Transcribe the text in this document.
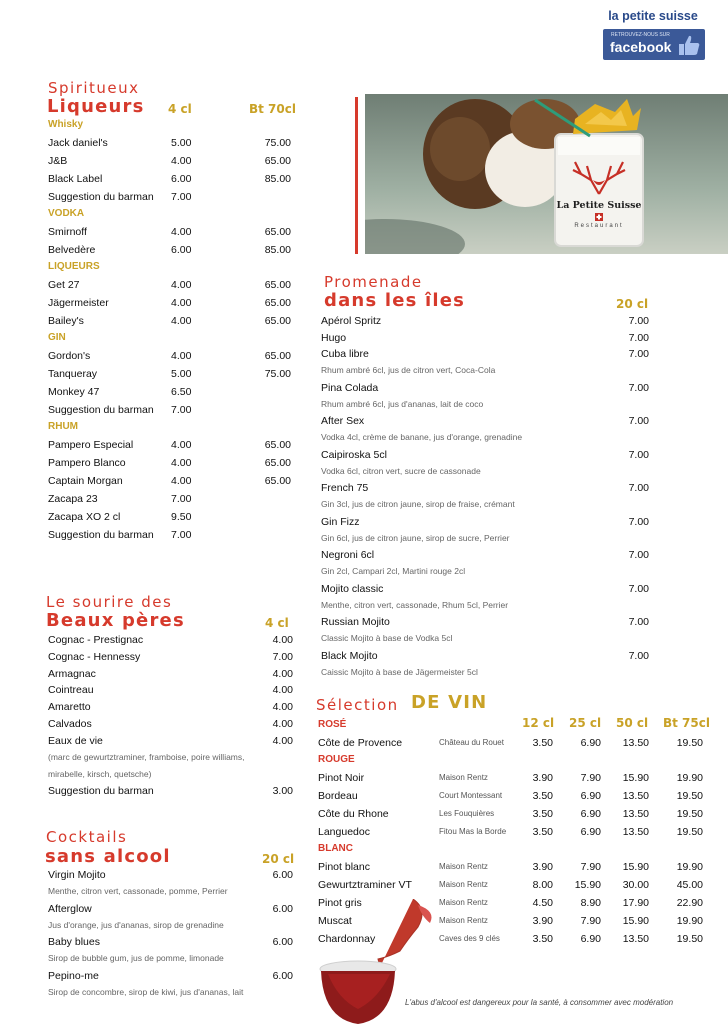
la petite suisse
RETROUVEZ-NOUS SUR
facebook
La Petite Suisse
Restaurant
Spiritueux
Liqueurs 4 cl	Bt 70cl
Whisky
Jack daniel's	5.00	75.00
J&B	4.00	65.00
Black Label	6.00	85.00
Suggestion du barman 7.00
VODKA
Smirnoff	4.00	65.00
Belvedère	6.00	85.00
LIQUEURS
Get 27	4.00	65.00
Jägermeister	4.00	65.00
Bailey's	4.00	65.00
GIN
Gordon's	4.00	65.00
Tanqueray	5.00	75.00
Monkey 47	6.50
Suggestion du barman 7.00
RHUM
Pampero Especial	4.00	65.00
Pampero Blanco	4.00	65.00
Captain Morgan	4.00	65.00
Zacapa 23	7.00
Zacapa XO 2 cl	9.50
Suggestion du barman 7.00
Le sourire des
Beaux pères	4 cl
Cognac - Prestignac	4.00
Cognac - Hennessy	7.00
Armagnac	4.00
Cointreau	4.00
Amaretto	4.00
Calvados	4.00
Eaux de vie	4.00
(marc de gewurtztraminer, framboise, poire williams,
mirabelle, kirsch, quetsche)
Suggestion du barman	3.00
Cocktails
sans alcool	20 cl
Virgin Mojito	6.00
Menthe, citron vert, cassonade, pomme, Perrier
Afterglow	6.00
Jus d'orange, jus d'ananas, sirop de grenadine
Baby blues	6.00
Sirop de bubble gum, jus de pomme, limonade
Pepino-me	6.00
Sirop de concombre, sirop de kiwi, jus d'ananas, lait
Promenade
dans les îles	20 cl
Apérol Spritz	7.00
Hugo	7.00
Cuba libre	7.00
Rhum ambré 6cl, jus de citron vert, Coca-Cola
Pina Colada	7.00
Rhum ambré 6cl, jus d'ananas, lait de coco
After Sex	7.00
Vodka 4cl, crème de banane, jus d'orange, grenadine
Caipiroska 5cl	7.00
Vodka 6cl, citron vert, sucre de cassonade
French 75	7.00
Gin 3cl, jus de citron jaune, sirop de fraise, crémant
Gin Fizz	7.00
Gin 6cl, jus de citron jaune, sirop de sucre, Perrier
Negroni 6cl	7.00
Gin 2cl, Campari 2cl, Martini rouge 2cl
Mojito classic	7.00
Menthe, citron vert, cassonade, Rhum 5cl, Perrier
Russian Mojito	7.00
Classic Mojito à base de Vodka 5cl
Black Mojito	7.00
Caissic Mojito à base de Jägermeister 5cl
Sélection DE VIN
12 cl 25 cl 50 cl Bt 75cl
ROSÉ
Côte de Provence	Château du Rouet	3.50	6.90	13.50	19.50
ROUGE
Pinot Noir	Maison Rentz	3.90	7.90	15.90	19.90
Bordeau	Court Montessant	3.50	6.90	13.50	19.50
Côte du Rhone	Les Fouquières	3.50	6.90	13.50	19.50
Languedoc	Fitou Mas la Borde	3.50	6.90	13.50	19.50
BLANC
Pinot blanc	Maison Rentz	3.90	7.90	15.90	19.90
Gewurtztraminer VT	Maison Rentz	8.00	15.90	30.00	45.00
Pinot gris	Maison Rentz	4.50	8.90	17.90	22.90
Muscat	Maison Rentz	3.90	7.90	15.90	19.90
Chardonnay	Caves des 9 clés	3.50	6.90	13.50	19.50
L'abus d'alcool est dangereux pour la santé, à consommer avec modération
